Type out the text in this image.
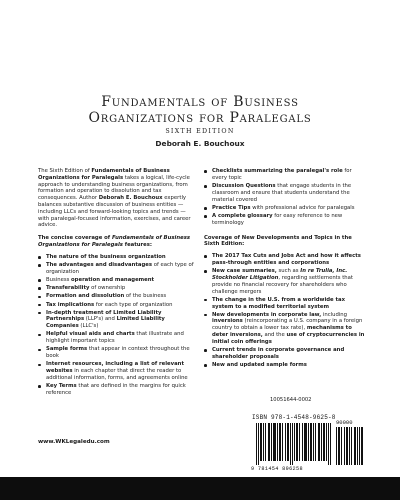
Fundamentals of Business
Organizations for Paralegals
SIXTH EDITION
Deborah E. Bouchoux

The Sixth Edition of Fundamentals of Business Organizations for Paralegals takes a logical, life-cycle approach to understanding business organizations, from formation and operation to dissolution and tax consequences. Author Deborah E. Bouchoux expertly balances substantive discussion of business entities — including LLCs and forward-looking topics and trends — with paralegal-focused information, exercises, and career advice.

The concise coverage of Fundamentals of Business Organizations for Paralegals features:

The nature of the business organization
The advantages and disadvantages of each type of organization
Business operation and management
Transferability of ownership
Formation and dissolution of the business
Tax implications for each type of organization
In-depth treatment of Limited Liability Partnerships (LLP's) and Limited Liability Companies (LLC's)
Helpful visual aids and charts that illustrate and highlight important topics
Sample forms that appear in context throughout the book
Internet resources, including a list of relevant websites in each chapter that direct the reader to additional information, forms, and agreements online
Key Terms that are defined in the margins for quick reference
Checklists summarizing the paralegal's role for every topic
Discussion Questions that engage students in the classroom and ensure that students understand the material covered
Practice Tips with professional advice for paralegals
A complete glossary for easy reference to new terminology

Coverage of New Developments and Topics in the Sixth Edition:

The 2017 Tax Cuts and Jobs Act and how it affects pass-through entities and corporations
New case summaries, such as In re Trulia, Inc. Stockholder Litigation, regarding settlements that provide no financial recovery for shareholders who challenge mergers
The change in the U.S. from a worldwide tax system to a modified territorial system
New developments in corporate law, including inversions (reincorporating a U.S. company in a foreign country to obtain a lower tax rate), mechanisms to deter inversions, and the use of cryptocurrencies in initial coin offerings
Current trends in corporate governance and shareholder proposals
New and updated sample forms
www.WKLegaledu.com
10051644-0002
ISBN 978-1-4548-9625-8
90000
9 781454 896258
